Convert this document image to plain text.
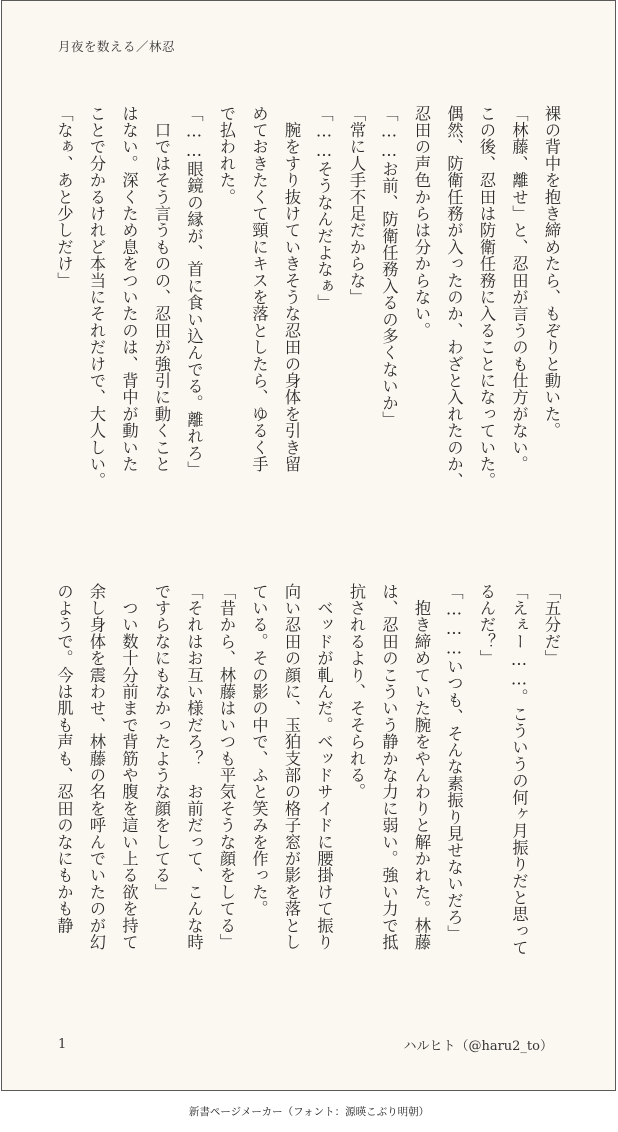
月夜を数える／林忍

裸の背中を抱き締めたら、もぞりと動いた。

「林藤、離せ」と、忍田が言うのも仕方がない。

この後、忍田は防衛任務に入ることになっていた。

偶然、防衛任務が入ったのか、わざと入れたのか、

忍田の声色からは分からない。

「……お前、防衛任務入るの多くないか」

「常に人手不足だからな」

「……そうなんだよなぁ」

　腕をすり抜けていきそうな忍田の身体を引き留

めておきたくて頸にキスを落としたら、ゆるく手

で払われた。

「……眼鏡の縁が、首に食い込んでる。離れろ」

　口ではそう言うものの、忍田が強引に動くこと

はない。深くため息をついたのは、背中が動いた

ことで分かるけれど本当にそれだけで、大人しい。

「なぁ、あと少しだけ」

「五分だ」

「えぇー……。こういうの何ヶ月振りだと思って

るんだ？」

「………いつも、そんな素振り見せないだろ」

　抱き締めていた腕をやんわりと解かれた。林藤

は、忍田のこういう静かな力に弱い。強い力で抵

抗されるより、そそられる。

　ベッドが軋んだ。ベッドサイドに腰掛けて振り

向い忍田の顔に、玉狛支部の格子窓が影を落とし

ている。その影の中で、ふと笑みを作った。

「昔から、林藤はいつも平気そうな顔をしてる」

「それはお互い様だろ？　お前だって、こんな時

ですらなにもなかったような顔をしてる」

　つい数十分前まで背筋や腹を這い上る欲を持て

余し身体を震わせ、林藤の名を呼んでいたのが幻

のようで。今は肌も声も、忍田のなにもかも静

1	ハルヒト（@haru2_to）
新書ページメーカー（フォント：源暎こぶり明朝）
